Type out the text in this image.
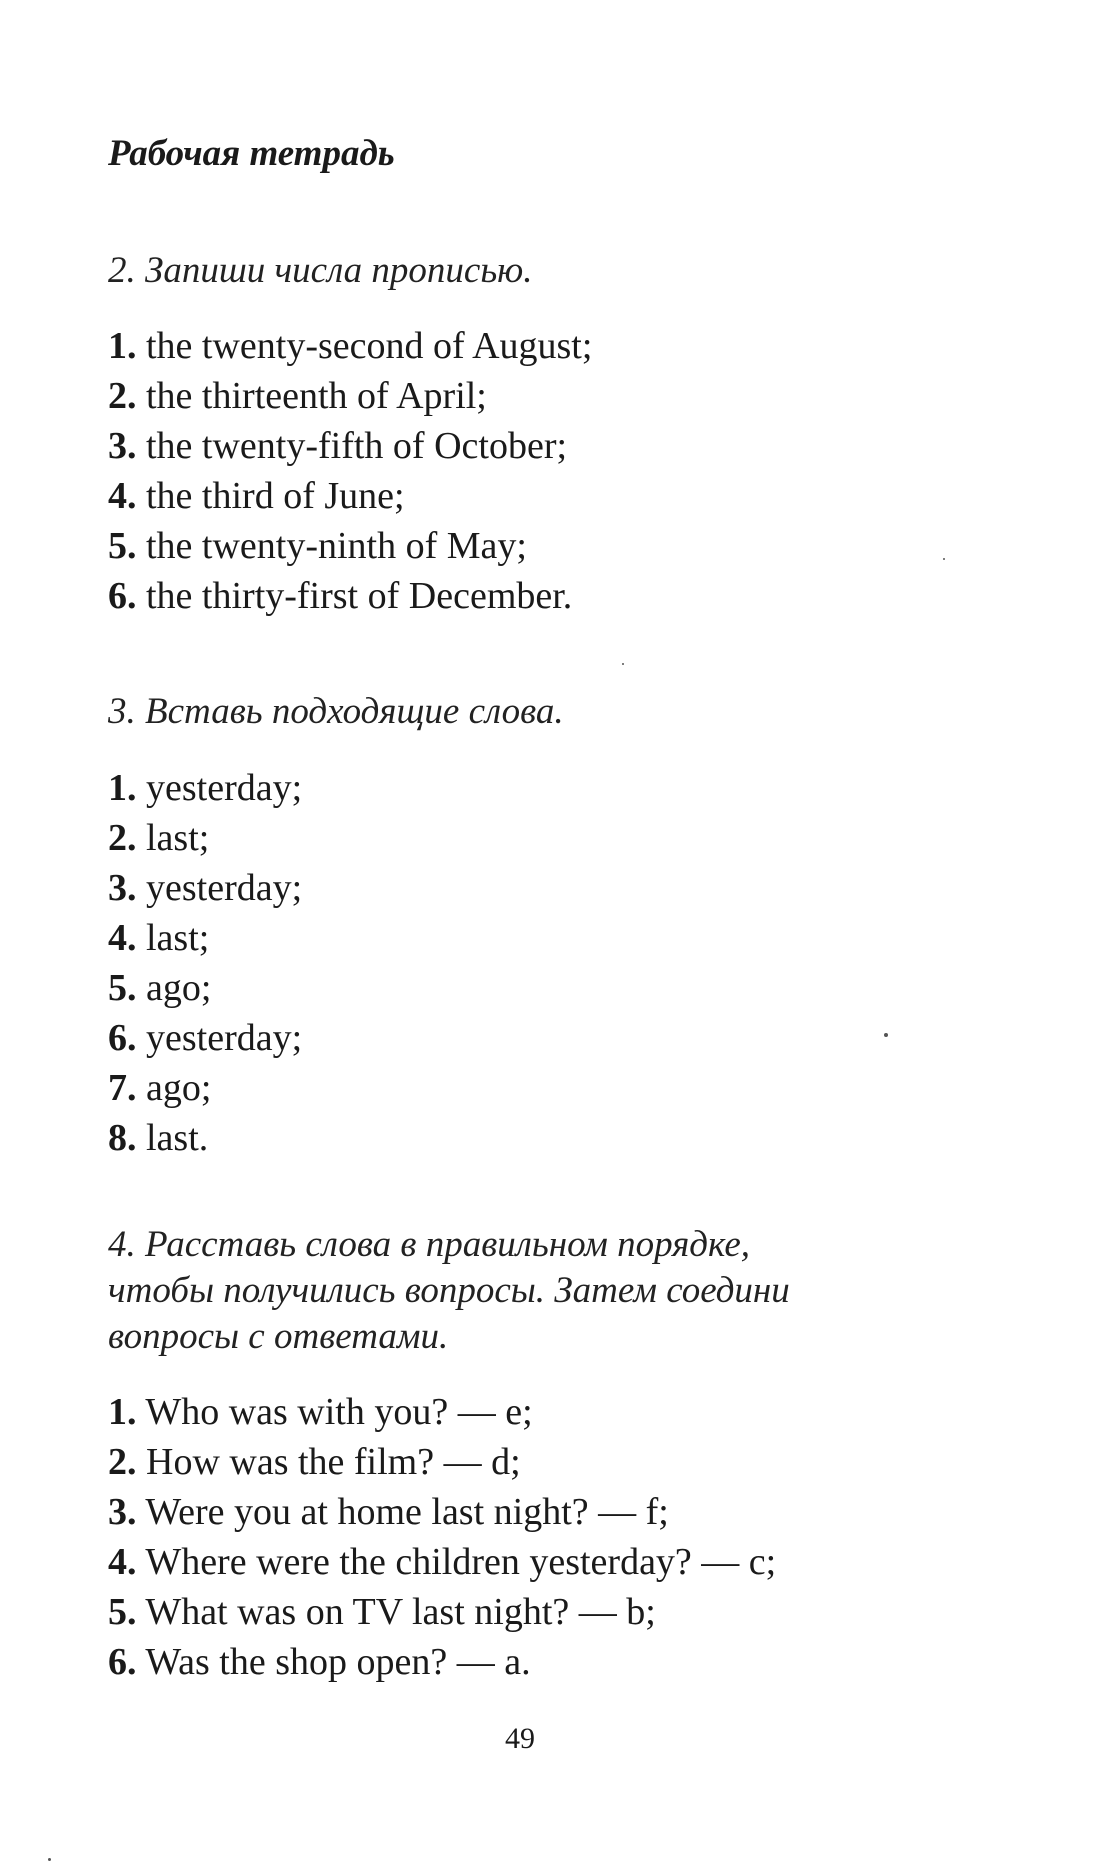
Рабочая тетрадь

2. Запиши числа прописью.

1. the twenty-second of August;
2. the thirteenth of April;
3. the twenty-fifth of October;
4. the third of June;
5. the twenty-ninth of May;
6. the thirty-first of December.

3. Вставь подходящие слова.

1. yesterday;
2. last;
3. yesterday;
4. last;
5. ago;
6. yesterday;
7. ago;
8. last.

4. Расставь слова в правильном порядке,
чтобы получились вопросы. Затем соедини
вопросы с ответами.

1. Who was with you? — e;
2. How was the film? — d;
3. Were you at home last night? — f;
4. Where were the children yesterday? — c;
5. What was on TV last night? — b;
6. Was the shop open? — a.
49
